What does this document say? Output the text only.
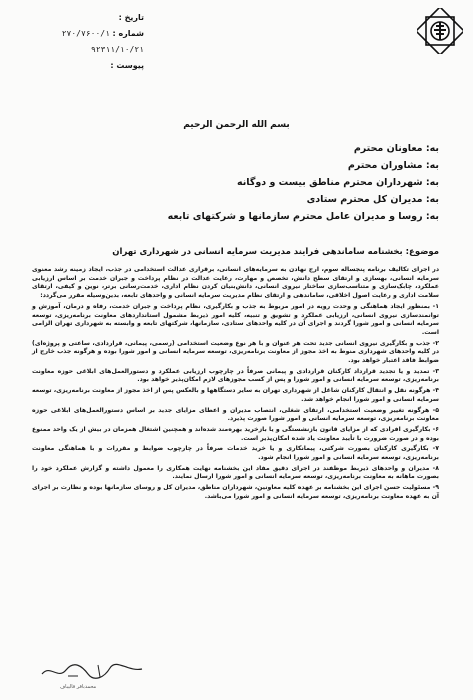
تاریخ :
شماره : ۲۷۰/۷۶۰۰/۱
۹۲۳۱۱/۱۰/۲۱
پیوست :
بسم الله الرحمن الرحیم
به: معاونان محترم
به: مشاوران محترم
به: شهرداران محترم مناطق بیست و دوگانه
به: مدیران کل محترم ستادی
به: روسا و مدیران عامل محترم سازمانها و شرکتهای تابعه
موضوع: بخشنامه ساماندهی فرآیند مدیریت سرمایه انسانی در شهرداری تهران

در اجرای تکالیف برنامه پنجساله سوم، ارج نهادن به سرمایه‌های انسانی، برقراری عدالت استخدامی در جذب، ایجاد زمینه رشد معنوی سرمایه انسانی، بهسازی و ارتقای سطح دانش، تخصص و مهارت، رعایت عدالت در نظام پرداخت و جبران خدمت بر اساس ارزیابی عملکرد، چابک‌سازی و متناسب‌سازی ساختار نیروی انسانی، دانش‌بنیان کردن نظام اداری، خدمت‌رسانی برتر، نوین و کیفی، ارتقای سلامت اداری و رعایت اصول اخلاقی، ساماندهی و ارتقای نظام مدیریت سرمایه انسانی و واحدهای تابعه، بدین‌وسیله مقرر می‌گردد:

۱- بمنظور ایجاد هماهنگی و وحدت رویه در امور مربوط به جذب و بکارگیری، نظام پرداخت و جبران خدمت، رفاه و درمان، آموزش و توانمندسازی نیروی انسانی، ارزیابی عملکرد و تشویق و تنبیه، کلیه امور ذیربط مشمول استانداردهای معاونت برنامه‌ریزی، توسعه سرمایه انسانی و امور شورا گردند و اجرای آن در کلیه واحدهای ستادی، سازمانها، شرکتهای تابعه و وابسته به شهرداری تهران الزامی است.

۲- جذب و بکارگیری نیروی انسانی جدید تحت هر عنوان و با هر نوع وضعیت استخدامی (رسمی، پیمانی، قراردادی، ساعتی و پروژه‌ای) در کلیه واحدهای شهرداری منوط به اخذ مجوز از معاونت برنامه‌ریزی، توسعه سرمایه انسانی و امور شورا بوده و هرگونه جذب خارج از ضوابط فاقد اعتبار خواهد بود.

۳- تمدید و یا تجدید قرارداد کارکنان قراردادی و پیمانی صرفاً در چارچوب ارزیابی عملکرد و دستورالعمل‌های ابلاغی حوزه معاونت برنامه‌ریزی، توسعه سرمایه انسانی و امور شورا و پس از کسب مجوزهای لازم امکان‌پذیر خواهد بود.

۴- هرگونه نقل و انتقال کارکنان شاغل از شهرداری تهران به سایر دستگاهها و بالعکس پس از اخذ مجوز از معاونت برنامه‌ریزی، توسعه سرمایه انسانی و امور شورا انجام خواهد شد.

۵- هرگونه تغییر وضعیت استخدامی، ارتقای شغلی، انتصاب مدیران و اعطای مزایای جدید بر اساس دستورالعمل‌های ابلاغی حوزه معاونت برنامه‌ریزی، توسعه سرمایه انسانی و امور شورا صورت پذیرد.

۶- بکارگیری افرادی که از مزایای قانون بازنشستگی و یا بازخرید بهره‌مند شده‌اند و همچنین اشتغال همزمان در بیش از یک واحد ممنوع بوده و در صورت ضرورت با تأیید معاونت یاد شده امکان‌پذیر است.

۷- بکارگیری کارکنان بصورت شرکتی، پیمانکاری و یا خرید خدمات صرفاً در چارچوب ضوابط و مقررات و با هماهنگی معاونت برنامه‌ریزی، توسعه سرمایه انسانی و امور شورا انجام شود.

۸- مدیران و واحدهای ذیربط موظفند در اجرای دقیق مفاد این بخشنامه نهایت همکاری را معمول داشته و گزارش عملکرد خود را بصورت ماهانه به معاونت برنامه‌ریزی، توسعه سرمایه انسانی و امور شورا ارسال نمایند.

۹- مسئولیت حسن اجرای این بخشنامه بر عهده کلیه معاونین، شهرداران مناطق، مدیران کل و روسای سازمانها بوده و نظارت بر اجرای آن به عهده معاونت برنامه‌ریزی، توسعه سرمایه انسانی و امور شورا می‌باشد.

محمدباقر قالیباف
